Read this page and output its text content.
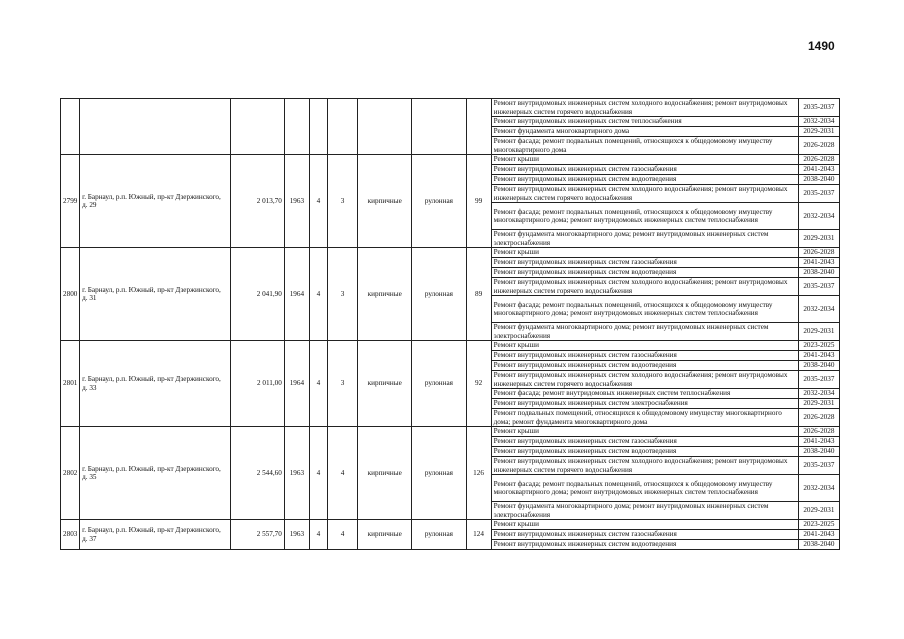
1490
									Ремонт внутридомовых инженерных систем холодного водоснабжения; ремонт внутридомовых инженерных систем горячего водоснабжения	2035-2037
									Ремонт внутридомовых инженерных систем теплоснабжения	2032-2034
									Ремонт фундамента многоквартирного дома	2029-2031
									Ремонт фасада; ремонт подвальных помещений, относящихся к общедомовому имуществу многоквартирного дома	2026-2028
2799	г. Барнаул, р.п. Южный, пр-кт Дзержинского, д. 29	2 013,70	1963	4	3	кирпичные	рулонная	99	Ремонт крыши	2026-2028
									Ремонт внутридомовых инженерных систем газоснабжения	2041-2043
									Ремонт внутридомовых инженерных систем водоотведения	2038-2040
									Ремонт внутридомовых инженерных систем холодного водоснабжения; ремонт внутридомовых инженерных систем горячего водоснабжения	2035-2037
									Ремонт фасада; ремонт подвальных помещений, относящихся к общедомовому имуществу многоквартирного дома; ремонт внутридомовых инженерных систем теплоснабжения	2032-2034
									Ремонт фундамента многоквартирного дома; ремонт внутридомовых инженерных систем электроснабжения	2029-2031
2800	г. Барнаул, р.п. Южный, пр-кт Дзержинского, д. 31	2 041,90	1964	4	3	кирпичные	рулонная	89	Ремонт крыши	2026-2028
									Ремонт внутридомовых инженерных систем газоснабжения	2041-2043
									Ремонт внутридомовых инженерных систем водоотведения	2038-2040
									Ремонт внутридомовых инженерных систем холодного водоснабжения; ремонт внутридомовых инженерных систем горячего водоснабжения	2035-2037
									Ремонт фасада; ремонт подвальных помещений, относящихся к общедомовому имуществу многоквартирного дома; ремонт внутридомовых инженерных систем теплоснабжения	2032-2034
									Ремонт фундамента многоквартирного дома; ремонт внутридомовых инженерных систем электроснабжения	2029-2031
2801	г. Барнаул, р.п. Южный, пр-кт Дзержинского, д. 33	2 011,00	1964	4	3	кирпичные	рулонная	92	Ремонт крыши	2023-2025
									Ремонт внутридомовых инженерных систем газоснабжения	2041-2043
									Ремонт внутридомовых инженерных систем водоотведения	2038-2040
									Ремонт внутридомовых инженерных систем холодного водоснабжения; ремонт внутридомовых инженерных систем горячего водоснабжения	2035-2037
									Ремонт фасада; ремонт внутридомовых инженерных систем теплоснабжения	2032-2034
									Ремонт внутридомовых инженерных систем электроснабжения	2029-2031
									Ремонт подвальных помещений, относящихся к общедомовому имуществу многоквартирного дома; ремонт фундамента многоквартирного дома	2026-2028
2802	г. Барнаул, р.п. Южный, пр-кт Дзержинского, д. 35	2 544,60	1963	4	4	кирпичные	рулонная	126	Ремонт крыши	2026-2028
									Ремонт внутридомовых инженерных систем газоснабжения	2041-2043
									Ремонт внутридомовых инженерных систем водоотведения	2038-2040
									Ремонт внутридомовых инженерных систем холодного водоснабжения; ремонт внутридомовых инженерных систем горячего водоснабжения	2035-2037
									Ремонт фасада; ремонт подвальных помещений, относящихся к общедомовому имуществу многоквартирного дома; ремонт внутридомовых инженерных систем теплоснабжения	2032-2034
									Ремонт фундамента многоквартирного дома; ремонт внутридомовых инженерных систем электроснабжения	2029-2031
2803	г. Барнаул, р.п. Южный, пр-кт Дзержинского, д. 37	2 557,70	1963	4	4	кирпичные	рулонная	124	Ремонт крыши	2023-2025
									Ремонт внутридомовых инженерных систем газоснабжения	2041-2043
									Ремонт внутридомовых инженерных систем водоотведения	2038-2040
